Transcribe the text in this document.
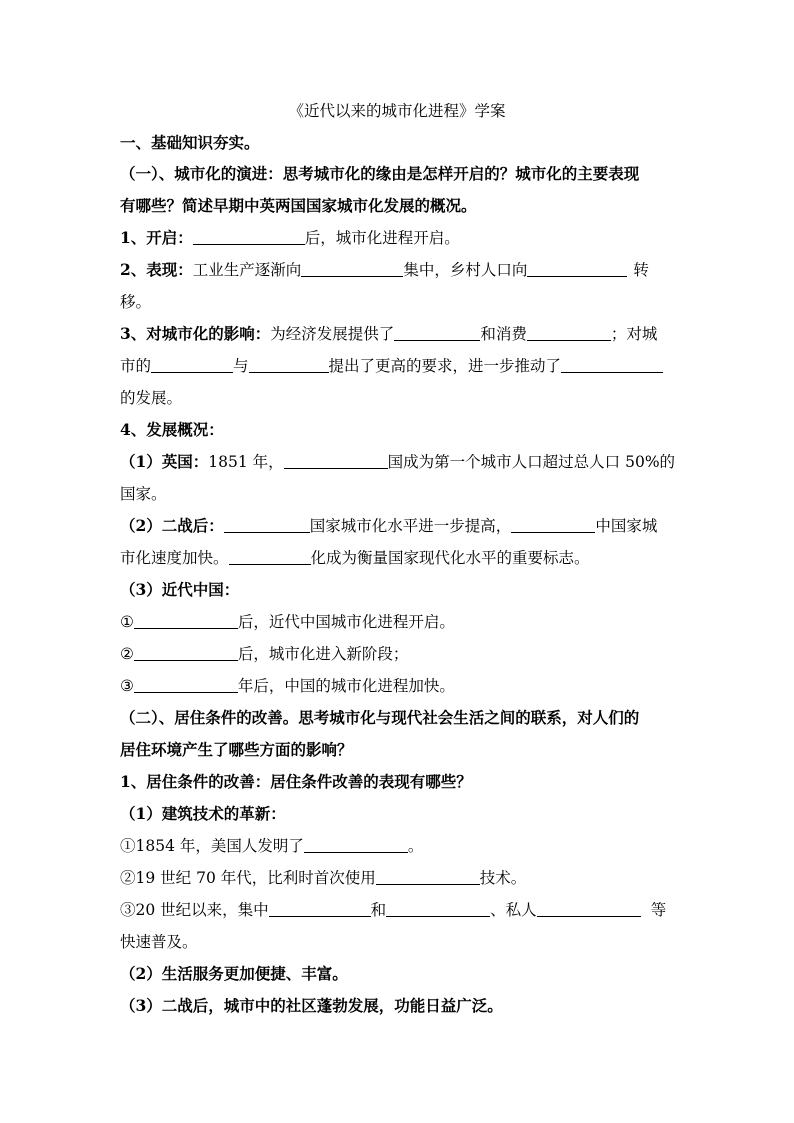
《近代以来的城市化进程》学案
一、基础知识夯实。
（一）、城市化的演进：思考城市化的缘由是怎样开启的？城市化的主要表现
有哪些？简述早期中英两国国家城市化发展的概况。
1、开启：	后，城市化进程开启。
2、表现：工业生产逐渐向	集中，乡村人口向	转
移。
3、对城市化的影响：为经济发展提供了	和消费	；对城
市的	与	提出了更高的要求，进一步推动了
的发展。
4、发展概况：
（1）英国：1851 年，	国成为第一个城市人口超过总人口 50%的
国家。
（2）二战后：	国家城市化水平进一步提高，	中国家城
市化速度加快。	化成为衡量国家现代化水平的重要标志。
（3）近代中国：
①	后，近代中国城市化进程开启。
②	后，城市化进入新阶段；
③	年后，中国的城市化进程加快。
（二）、居住条件的改善。思考城市化与现代社会生活之间的联系，对人们的
居住环境产生了哪些方面的影响？
1、居住条件的改善：居住条件改善的表现有哪些？
（1）建筑技术的革新：
①1854 年，美国人发明了	。
②19 世纪 70 年代，比利时首次使用	技术。
③20 世纪以来，集中	和	、私人	等
快速普及。
（2）生活服务更加便捷、丰富。
（3）二战后，城市中的社区蓬勃发展，功能日益广泛。
